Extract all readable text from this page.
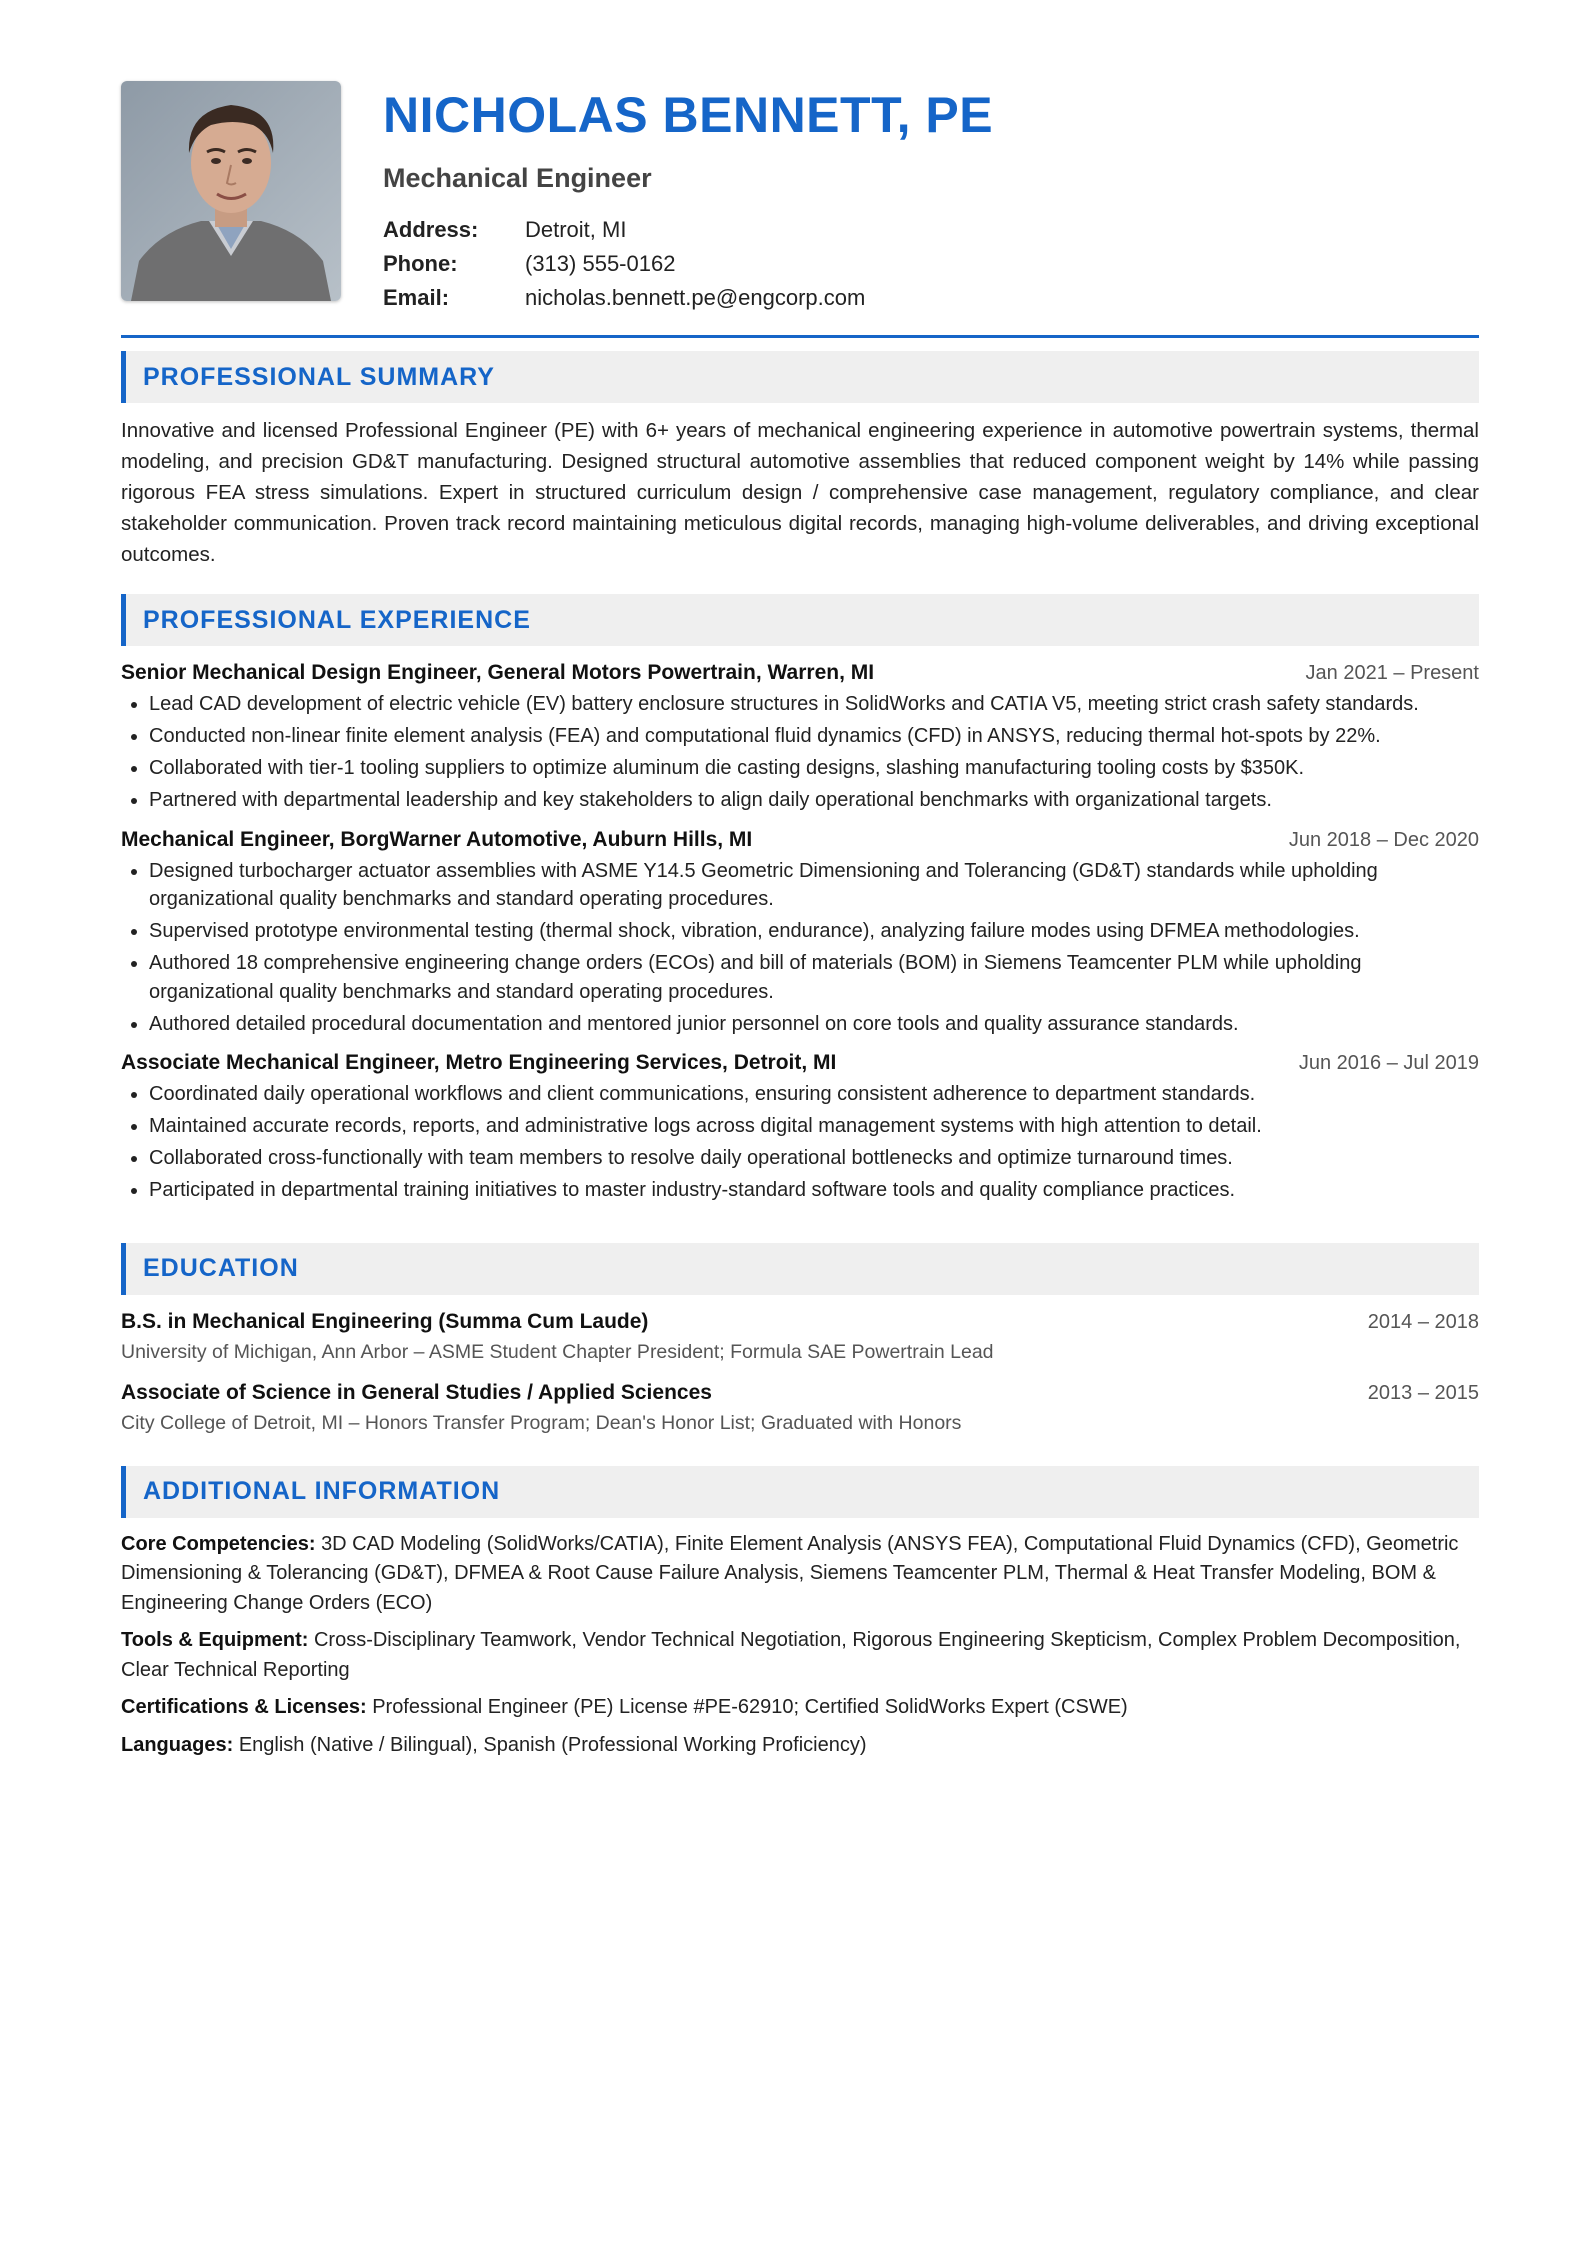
NICHOLAS BENNETT, PE
Mechanical Engineer
Address:	Detroit, MI
Phone:	(313) 555-0162
Email:	nicholas.bennett.pe@engcorp.com
PROFESSIONAL SUMMARY

Innovative and licensed Professional Engineer (PE) with 6+ years of mechanical engineering experience in automotive powertrain systems, thermal modeling, and precision GD&T manufacturing. Designed structural automotive assemblies that reduced component weight by 14% while passing rigorous FEA stress simulations. Expert in structured curriculum design / comprehensive case management, regulatory compliance, and clear stakeholder communication. Proven track record maintaining meticulous digital records, managing high-volume deliverables, and driving exceptional outcomes.

PROFESSIONAL EXPERIENCE
Senior Mechanical Design Engineer, General Motors Powertrain, Warren, MI	Jan 2021 – Present
• Lead CAD development of electric vehicle (EV) battery enclosure structures in SolidWorks and CATIA V5, meeting strict crash safety standards.
• Conducted non-linear finite element analysis (FEA) and computational fluid dynamics (CFD) in ANSYS, reducing thermal hot-spots by 22%.
• Collaborated with tier-1 tooling suppliers to optimize aluminum die casting designs, slashing manufacturing tooling costs by $350K.
• Partnered with departmental leadership and key stakeholders to align daily operational benchmarks with organizational targets.
Mechanical Engineer, BorgWarner Automotive, Auburn Hills, MI	Jun 2018 – Dec 2020
• Designed turbocharger actuator assemblies with ASME Y14.5 Geometric Dimensioning and Tolerancing (GD&T) standards while upholding organizational quality benchmarks and standard operating procedures.
• Supervised prototype environmental testing (thermal shock, vibration, endurance), analyzing failure modes using DFMEA methodologies.
• Authored 18 comprehensive engineering change orders (ECOs) and bill of materials (BOM) in Siemens Teamcenter PLM while upholding organizational quality benchmarks and standard operating procedures.
• Authored detailed procedural documentation and mentored junior personnel on core tools and quality assurance standards.
Associate Mechanical Engineer, Metro Engineering Services, Detroit, MI	Jun 2016 – Jul 2019
• Coordinated daily operational workflows and client communications, ensuring consistent adherence to department standards.
• Maintained accurate records, reports, and administrative logs across digital management systems with high attention to detail.
• Collaborated cross-functionally with team members to resolve daily operational bottlenecks and optimize turnaround times.
• Participated in departmental training initiatives to master industry-standard software tools and quality compliance practices.
EDUCATION
B.S. in Mechanical Engineering (Summa Cum Laude)	2014 – 2018
University of Michigan, Ann Arbor – ASME Student Chapter President; Formula SAE Powertrain Lead
Associate of Science in General Studies / Applied Sciences	2013 – 2015
City College of Detroit, MI – Honors Transfer Program; Dean's Honor List; Graduated with Honors
ADDITIONAL INFORMATION
Core Competencies: 3D CAD Modeling (SolidWorks/CATIA), Finite Element Analysis (ANSYS FEA), Computational Fluid Dynamics (CFD), Geometric Dimensioning & Tolerancing (GD&T), DFMEA & Root Cause Failure Analysis, Siemens Teamcenter PLM, Thermal & Heat Transfer Modeling, BOM & Engineering Change Orders (ECO)
Tools & Equipment: Cross-Disciplinary Teamwork, Vendor Technical Negotiation, Rigorous Engineering Skepticism, Complex Problem Decomposition, Clear Technical Reporting
Certifications & Licenses: Professional Engineer (PE) License #PE-62910; Certified SolidWorks Expert (CSWE)
Languages: English (Native / Bilingual), Spanish (Professional Working Proficiency)
